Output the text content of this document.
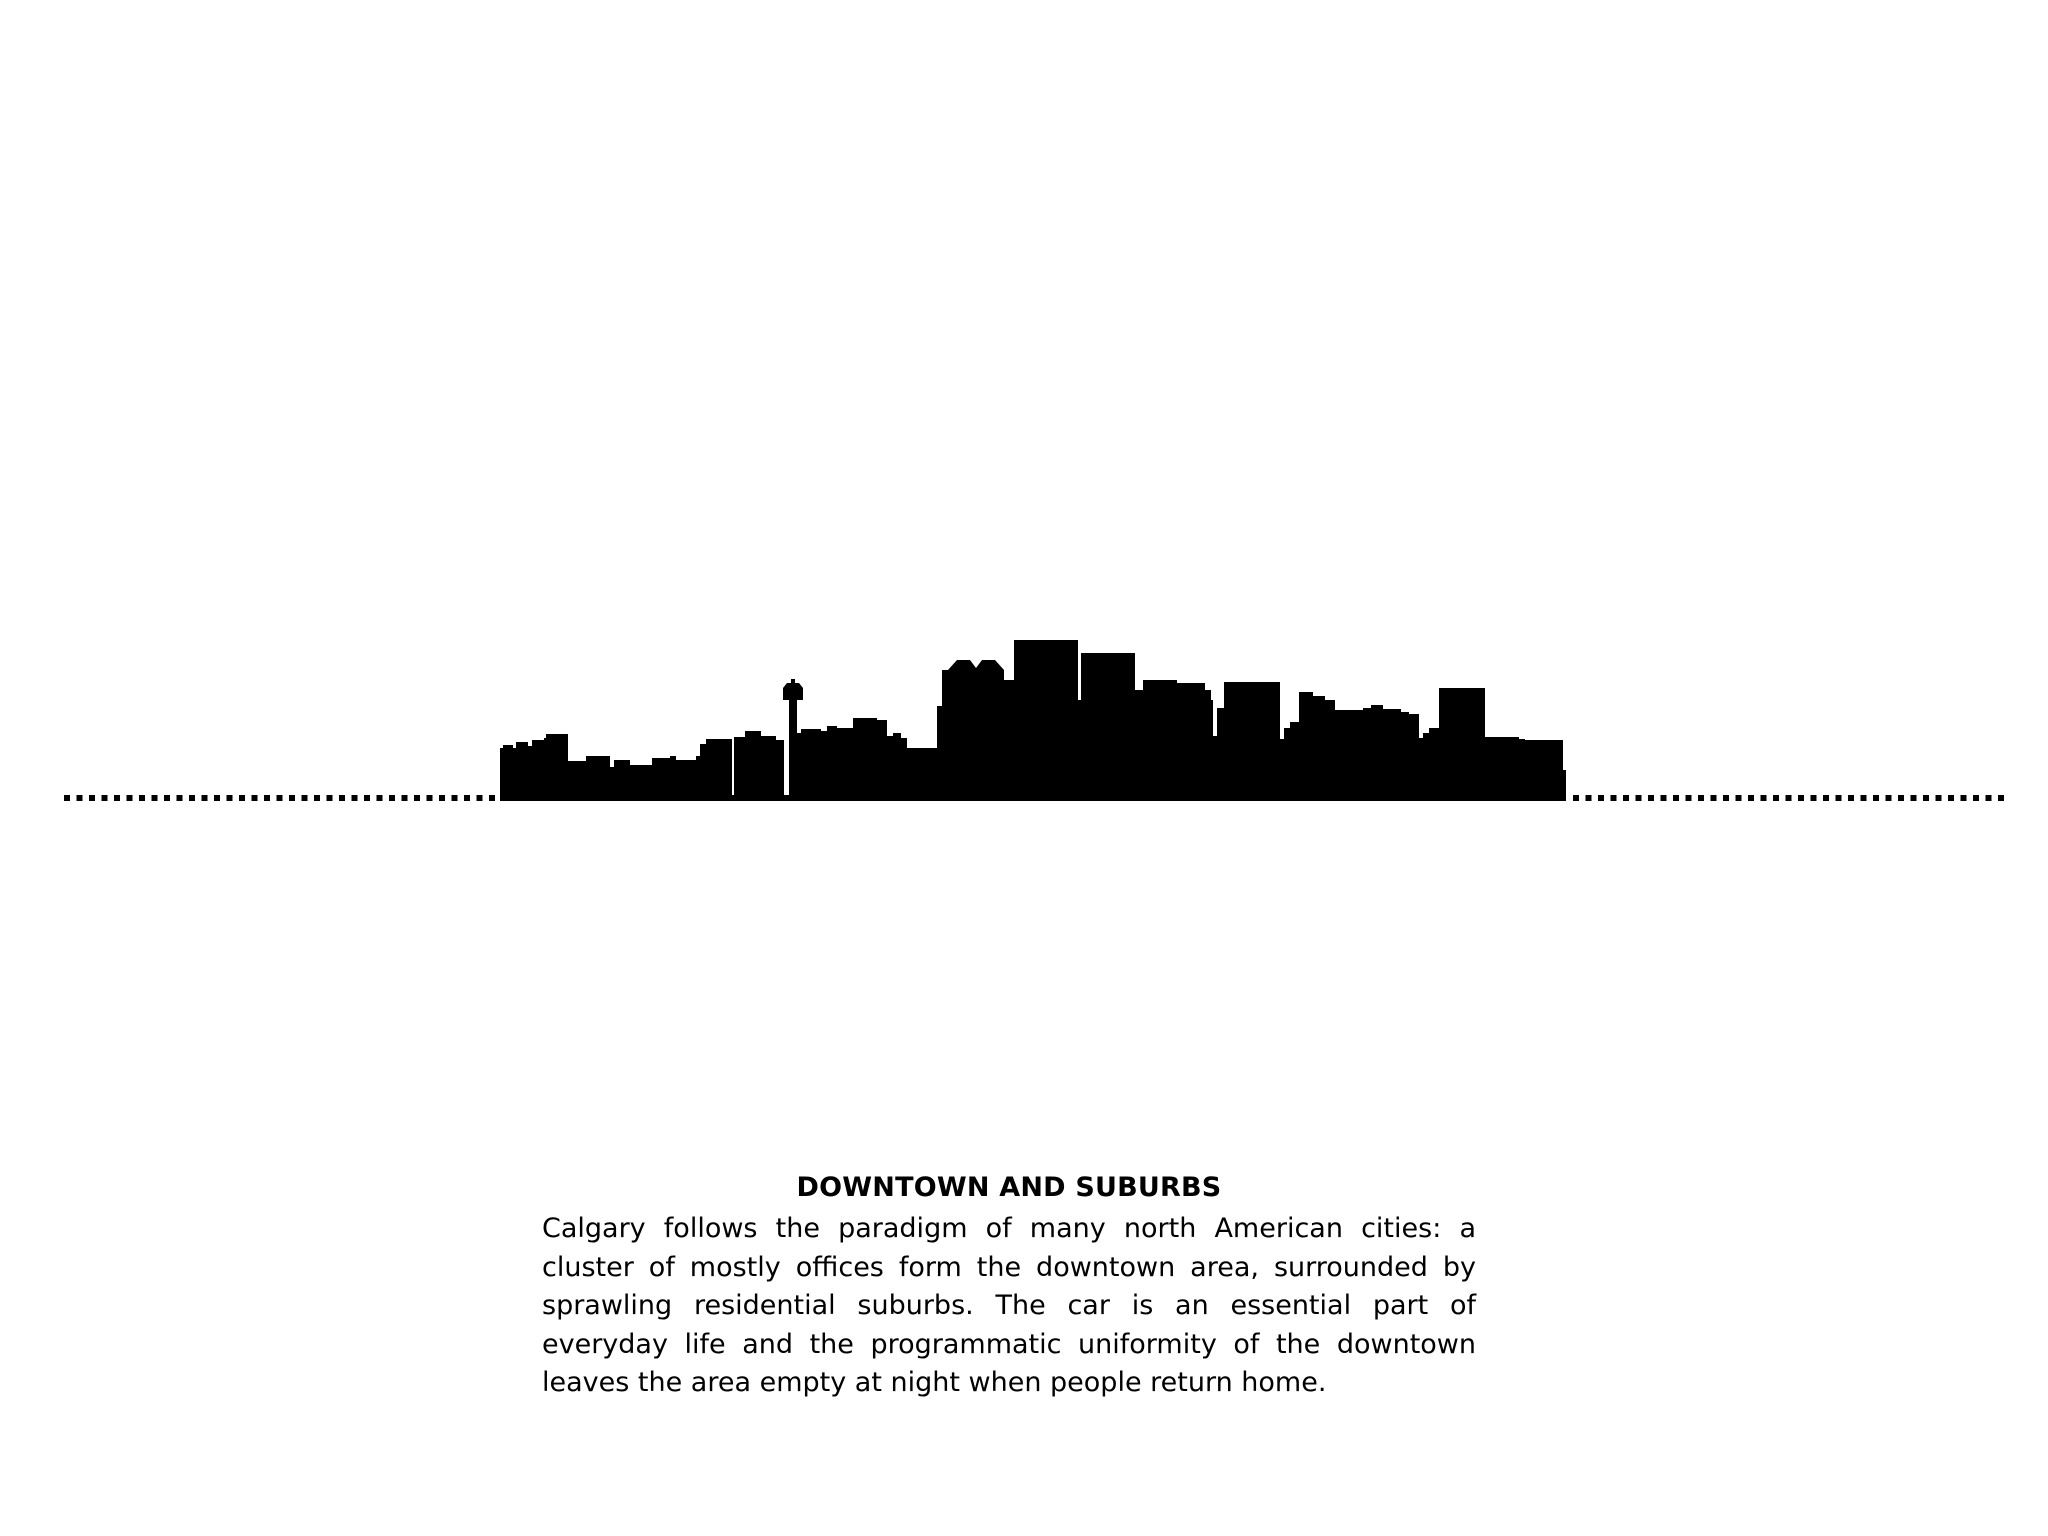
DOWNTOWN AND SUBURBS

Calgary follows the paradigm of many north American cities: a cluster of mostly offices form the downtown area, surrounded by sprawling residential suburbs. The car is an essential part of everyday life and the programmatic uniformity of the downtown leaves the area empty at night when people return home.
